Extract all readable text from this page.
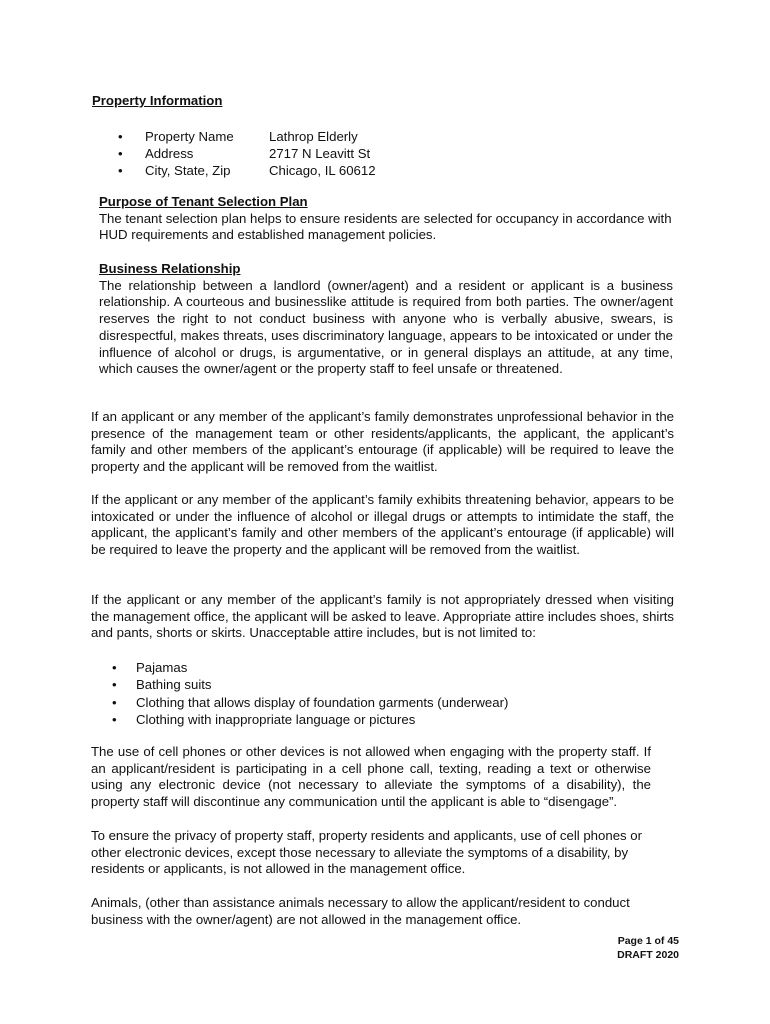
Property Information
•	Property Name	Lathrop Elderly
•	Address	2717 N Leavitt St
•	City, State, Zip	Chicago, IL 60612
Purpose of Tenant Selection Plan
The tenant selection plan helps to ensure residents are selected for occupancy in accordance with HUD requirements and established management policies.
Business Relationship
The relationship between a landlord (owner/agent) and a resident or applicant is a business relationship. A courteous and businesslike attitude is required from both parties. The owner/agent reserves the right to not conduct business with anyone who is verbally abusive, swears, is disrespectful, makes threats, uses discriminatory language, appears to be intoxicated or under the influence of alcohol or drugs, is argumentative, or in general displays an attitude, at any time, which causes the owner/agent or the property staff to feel unsafe or threatened.
If an applicant or any member of the applicant’s family demonstrates unprofessional behavior in the presence of the management team or other residents/applicants, the applicant, the applicant’s family and other members of the applicant’s entourage (if applicable) will be required to leave the property and the applicant will be removed from the waitlist.
If the applicant or any member of the applicant’s family exhibits threatening behavior, appears to be intoxicated or under the influence of alcohol or illegal drugs or attempts to intimidate the staff, the applicant, the applicant’s family and other members of the applicant’s entourage (if applicable) will be required to leave the property and the applicant will be removed from the waitlist.
If the applicant or any member of the applicant’s family is not appropriately dressed when visiting the management office, the applicant will be asked to leave. Appropriate attire includes shoes, shirts and pants, shorts or skirts. Unacceptable attire includes, but is not limited to:
•	Pajamas
•	Bathing suits
•	Clothing that allows display of foundation garments (underwear)
•	Clothing with inappropriate language or pictures
The use of cell phones or other devices is not allowed when engaging with the property staff. If an applicant/resident is participating in a cell phone call, texting, reading a text or otherwise using any electronic device (not necessary to alleviate the symptoms of a disability), the property staff will discontinue any communication until the applicant is able to “disengage”.
To ensure the privacy of property staff, property residents and applicants, use of cell phones or other electronic devices, except those necessary to alleviate the symptoms of a disability, by residents or applicants, is not allowed in the management office.
Animals, (other than assistance animals necessary to allow the applicant/resident to conduct business with the owner/agent) are not allowed in the management office.
Page 1 of 45
DRAFT 2020
